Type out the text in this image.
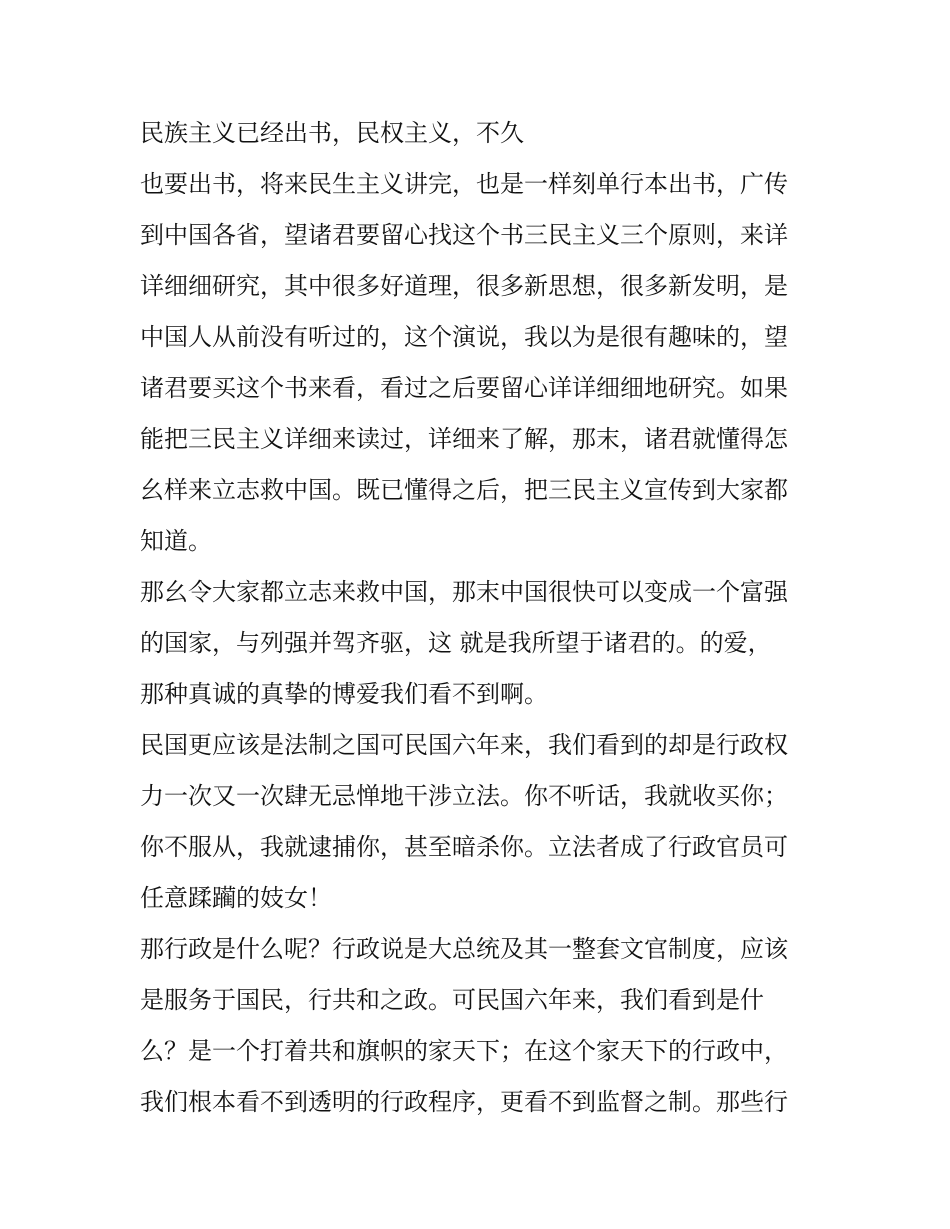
民族主义已经出书，民权主义，不久
也要出书，将来民生主义讲完，也是一样刻单行本出书，广传
到中国各省，望诸君要留心找这个书三民主义三个原则，来详
详细细研究，其中很多好道理，很多新思想，很多新发明，是
中国人从前没有听过的，这个演说，我以为是很有趣味的，望
诸君要买这个书来看，看过之后要留心详详细细地研究。如果
能把三民主义详细来读过，详细来了解，那末，诸君就懂得怎
幺样来立志救中国。既已懂得之后，把三民主义宣传到大家都
知道。
那幺令大家都立志来救中国，那末中国很快可以变成一个富强
的国家，与列强并驾齐驱，这 就是我所望于诸君的。的爱，
那种真诚的真挚的博爱我们看不到啊。
民国更应该是法制之国可民国六年来，我们看到的却是行政权
力一次又一次肆无忌惮地干涉立法。你不听话，我就收买你；
你不服从，我就逮捕你，甚至暗杀你。立法者成了行政官员可
任意蹂躏的妓女！
那行政是什么呢？行政说是大总统及其一整套文官制度，应该
是服务于国民，行共和之政。可民国六年来，我们看到是什
么？是一个打着共和旗帜的家天下；在这个家天下的行政中，
我们根本看不到透明的行政程序，更看不到监督之制。那些行
